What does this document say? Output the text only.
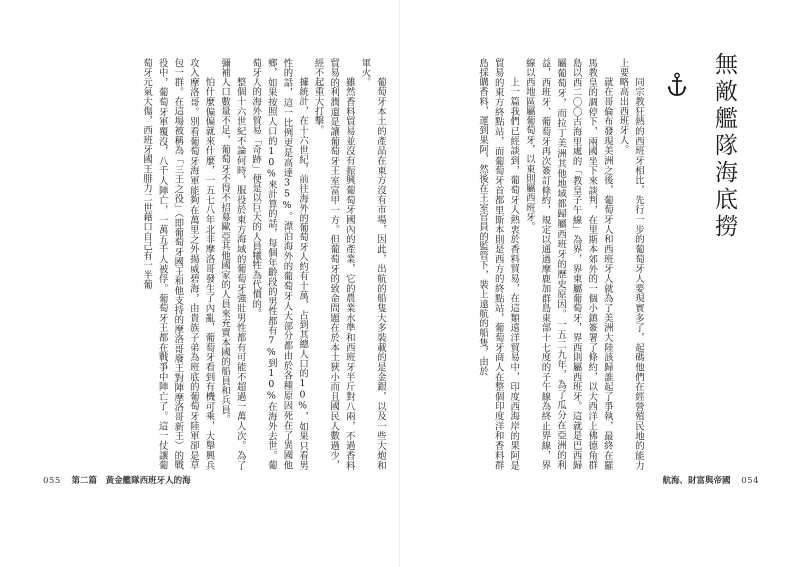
葡萄牙本土的產品在東方沒有市場，因此，出航的船隻大多裝載的是金銀，以及一些大炮和軍火。

雖然香料貿易並沒有振興葡萄牙國內的產業，它的農業水準和西班牙半斤對八兩，不過香料貿易的利潤還是讓葡萄牙王室富甲一方。但葡萄牙的致命問題在於本土狹小而且國民人數過少，經不起重大打擊。

據統計，在十六世紀，前往海外的葡萄牙人約有十萬，占到其總人口的10%，如果只看男性的話，這一比例更是高達35%。漂泊海外的葡萄牙人大部分都由於各種原因死在了異國他鄉，如果按照人口的10%來計算的話，每個年齡段的男性都有7%到10%在海外去世。葡萄牙人的海外貿易「奇跡」便是以巨大的人員犧牲為代價的。

整個十六世紀不論何時，服役於東方海域的葡萄牙強壯男性都有可能不超過一萬人次。為了彌補人口數量不足，葡萄牙不得不招募歐亞其他國家的人員來充實本國的船員和兵員。

怕什麼偏偏就來什麼，一五七八年北非摩洛哥發生了內亂，葡萄牙看到有機可乘，大舉興兵攻入摩洛哥。別看葡萄牙海軍能夠在萬里之外揚威碧海，由貴族子弟為班底的葡萄牙陸軍卻是草包一群。在這場被稱為「三王之役」（即葡萄牙國王和他支持的摩洛哥廢王對陣摩洛哥新王）的戰役中，葡萄牙軍覆沒，八千人陣亡，一萬五千人被俘。葡萄牙王都在戰爭中陣亡了。這一仗讓葡萄牙元氣大傷，西班牙國王腓力二世藉口自己有一半葡

055 第二篇 黃金艦隊西班牙人的海

同宗教狂熱的西班牙相比，先行一步的葡萄牙人要現實多了，起碼他們在經營殖民地的能力上要略高出西班牙人。

就在哥倫布發現美洲之後，葡萄牙人和西班牙人就為了美洲大陸該歸誰起了爭執，最終在羅馬教皇的調停下，兩國坐下來談判，在里斯本郊外的一個小鎮簽署了條約，以大西洋上佛德角群島以西二〇〇古海里處的「教皇子午線」為界，界東屬葡萄牙，界西則屬西班牙。這就是巴西歸屬葡萄牙，而拉丁美洲其他地域都歸屬西班牙的歷史原因。一五二九年，為了瓜分在亞洲的利益，西班牙、葡萄牙再次簽訂條約，規定以通過摩鹿加群島東部十七度的子午線為終止界線，界線以西地區屬葡萄牙，以東則屬西班牙。

上一篇我們已經談到，葡萄牙人熱衷於香料貿易，在這類遠洋貿易中，印度西海岸的果阿是貿易的東方終點站，而葡萄牙首都里斯本則是西方的終點站，葡萄牙商人在整個印度洋和香料群島採購香料，運到果阿，然後在王室官員的監管下，裝上遠航的船隻，由於	無敵艦隊海底撈
航海、財富與帝國 054
